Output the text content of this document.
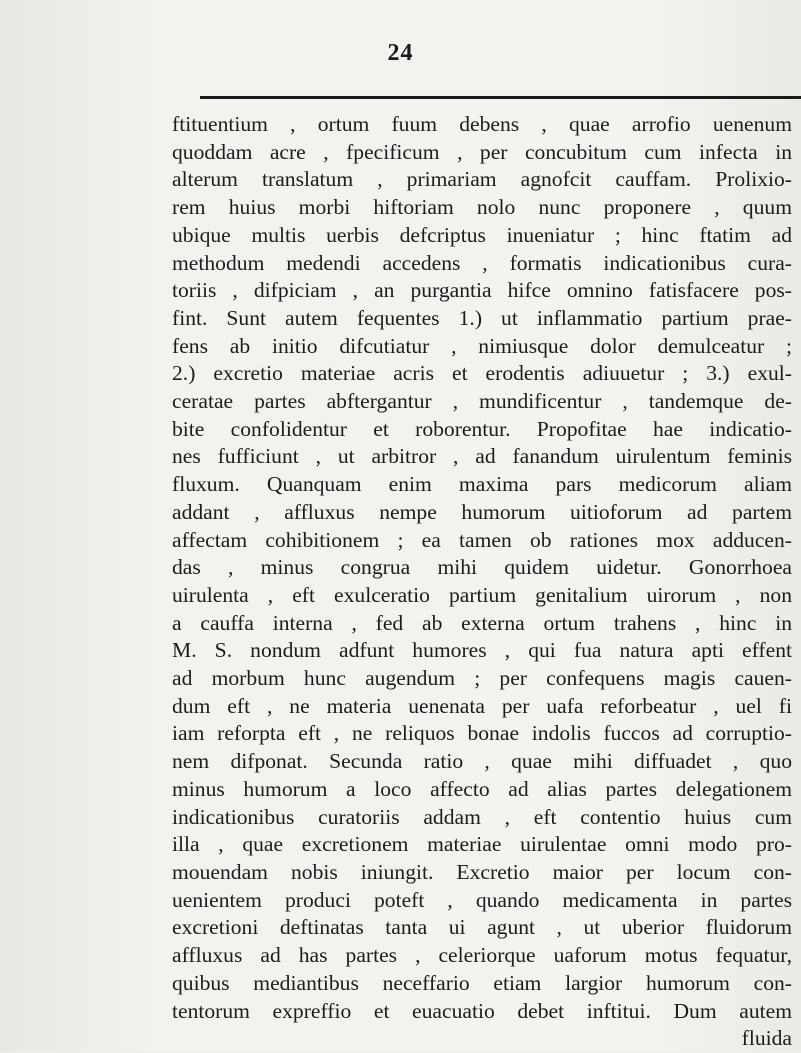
24
ftituentium , ortum fuum debens , quae arrofio uenenum
quoddam acre , fpecificum , per concubitum cum infecta in
alterum translatum , primariam agnofcit cauffam. Prolixio-
rem huius morbi hiftoriam nolo nunc proponere , quum
ubique multis uerbis defcriptus inueniatur ; hinc ftatim ad
methodum medendi accedens , formatis indicationibus cura-
toriis , difpiciam , an purgantia hifce omnino fatisfacere pos-
fint. Sunt autem fequentes 1.) ut inflammatio partium prae-
fens ab initio difcutiatur , nimiusque dolor demulceatur ;
2.) excretio materiae acris et erodentis adiuuetur ; 3.) exul-
ceratae partes abftergantur , mundificentur , tandemque de-
bite confolidentur et roborentur. Propofitae hae indicatio-
nes fufficiunt , ut arbitror , ad fanandum uirulentum feminis
fluxum. Quanquam enim maxima pars medicorum aliam
addant , affluxus nempe humorum uitioforum ad partem
affectam cohibitionem ; ea tamen ob rationes mox adducen-
das , minus congrua mihi quidem uidetur. Gonorrhoea
uirulenta , eft exulceratio partium genitalium uirorum , non
a cauffa interna , fed ab externa ortum trahens , hinc in
M. S. nondum adfunt humores , qui fua natura apti effent
ad morbum hunc augendum ; per confequens magis cauen-
dum eft , ne materia uenenata per uafa reforbeatur , uel fi
iam reforpta eft , ne reliquos bonae indolis fuccos ad corruptio-
nem difponat. Secunda ratio , quae mihi diffuadet , quo
minus humorum a loco affecto ad alias partes delegationem
indicationibus curatoriis addam , eft contentio huius cum
illa , quae excretionem materiae uirulentae omni modo pro-
mouendam nobis iniungit. Excretio maior per locum con-
uenientem produci poteft , quando medicamenta in partes
excretioni deftinatas tanta ui agunt , ut uberior fluidorum
affluxus ad has partes , celeriorque uaforum motus fequatur,
quibus mediantibus neceffario etiam largior humorum con-
tentorum expreffio et euacuatio debet inftitui. Dum autem
fluida
